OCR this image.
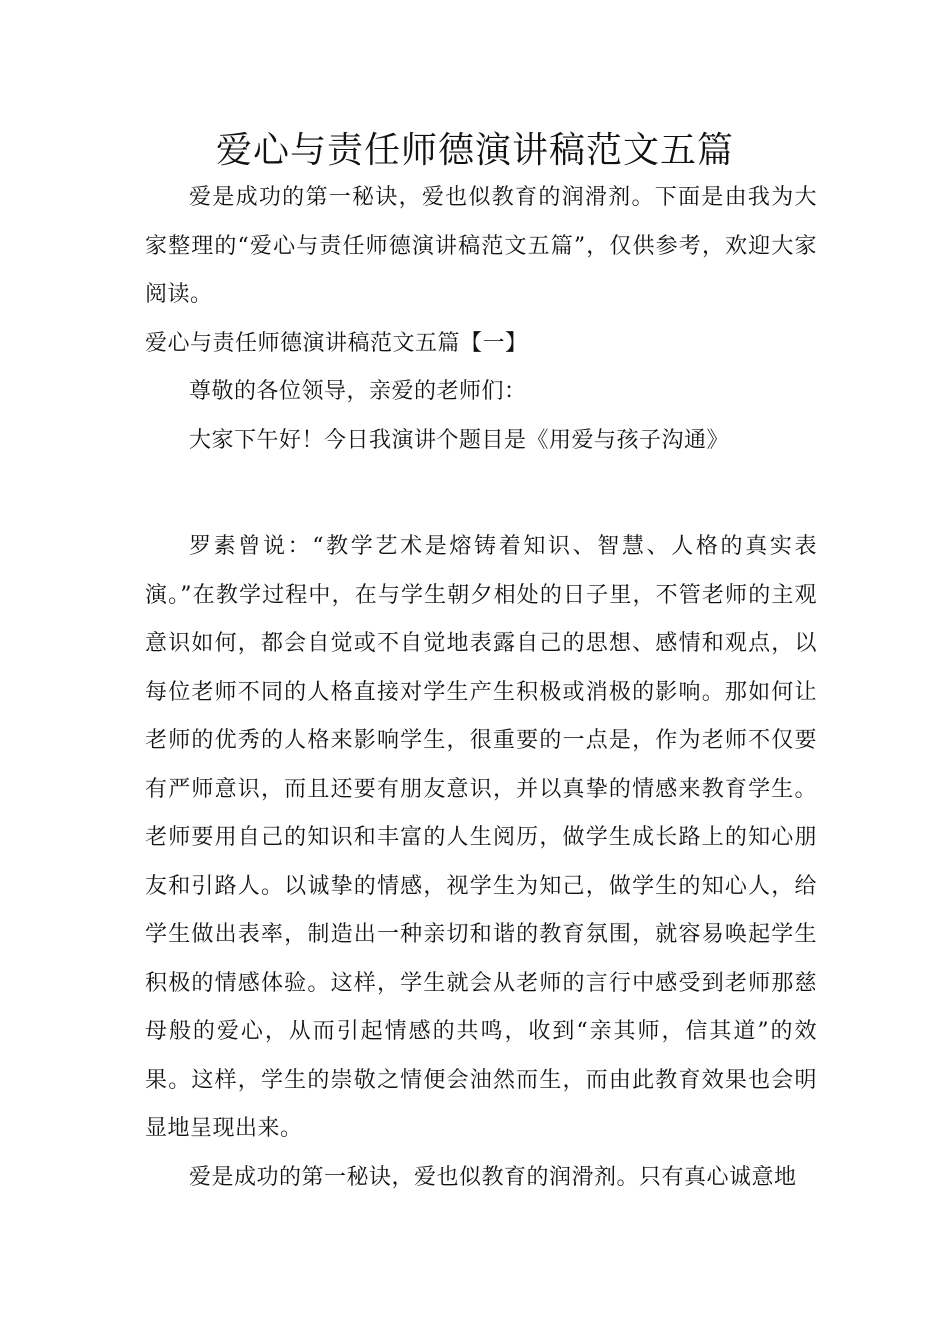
爱心与责任师德演讲稿范文五篇

爱是成功的第一秘诀，爱也似教育的润滑剂。下面是由我为大家整理的“爱心与责任师德演讲稿范文五篇”，仅供参考，欢迎大家阅读。

爱心与责任师德演讲稿范文五篇【一】

尊敬的各位领导，亲爱的老师们：

大家下午好！今日我演讲个题目是《用爱与孩子沟通》

罗素曾说：“教学艺术是熔铸着知识、智慧、人格的真实表演。”在教学过程中，在与学生朝夕相处的日子里，不管老师的主观意识如何，都会自觉或不自觉地表露自己的思想、感情和观点，以每位老师不同的人格直接对学生产生积极或消极的影响。那如何让老师的优秀的人格来影响学生，很重要的一点是，作为老师不仅要有严师意识，而且还要有朋友意识，并以真挚的情感来教育学生。老师要用自己的知识和丰富的人生阅历，做学生成长路上的知心朋友和引路人。以诚挚的情感，视学生为知己，做学生的知心人，给学生做出表率，制造出一种亲切和谐的教育氛围，就容易唤起学生积极的情感体验。这样，学生就会从老师的言行中感受到老师那慈母般的爱心，从而引起情感的共鸣，收到“亲其师，信其道”的效果。这样，学生的崇敬之情便会油然而生，而由此教育效果也会明显地呈现出来。

爱是成功的第一秘诀，爱也似教育的润滑剂。只有真心诚意地
